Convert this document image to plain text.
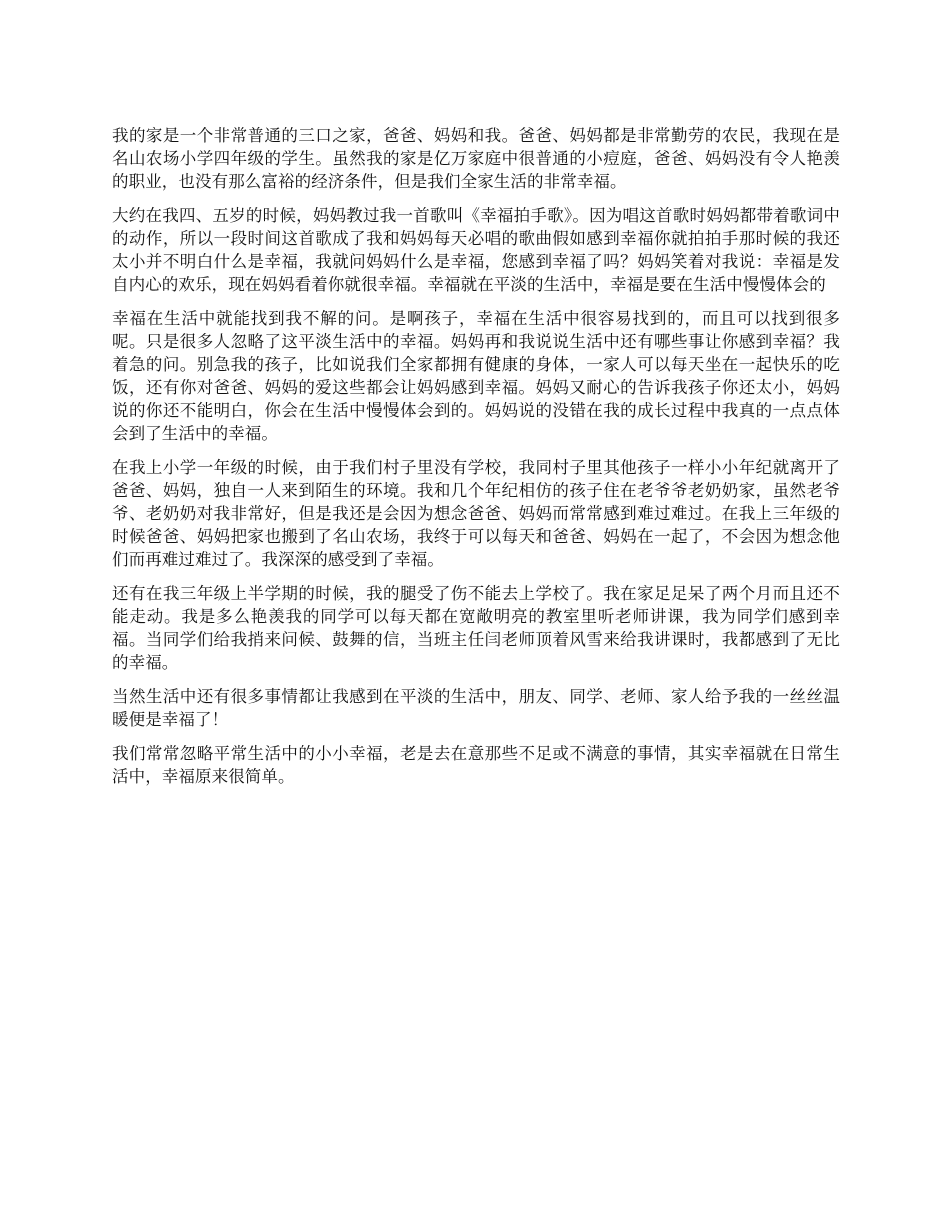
我的家是一个非常普通的三口之家，爸爸、妈妈和我。爸爸、妈妈都是非常勤劳的农民，我现在是名山农场小学四年级的学生。虽然我的家是亿万家庭中很普通的小痘庭，爸爸、妈妈没有令人艳羡的职业，也没有那么富裕的经济条件，但是我们全家生活的非常幸福。

大约在我四、五岁的时候，妈妈教过我一首歌叫《幸福拍手歌》。因为唱这首歌时妈妈都带着歌词中的动作，所以一段时间这首歌成了我和妈妈每天必唱的歌曲假如感到幸福你就拍拍手那时候的我还太小并不明白什么是幸福，我就问妈妈什么是幸福，您感到幸福了吗？妈妈笑着对我说：幸福是发自内心的欢乐，现在妈妈看着你就很幸福。幸福就在平淡的生活中，幸福是要在生活中慢慢体会的

幸福在生活中就能找到我不解的问。是啊孩子，幸福在生活中很容易找到的，而且可以找到很多呢。只是很多人忽略了这平淡生活中的幸福。妈妈再和我说说生活中还有哪些事让你感到幸福？我着急的问。别急我的孩子，比如说我们全家都拥有健康的身体，一家人可以每天坐在一起快乐的吃饭，还有你对爸爸、妈妈的爱这些都会让妈妈感到幸福。妈妈又耐心的告诉我孩子你还太小，妈妈说的你还不能明白，你会在生活中慢慢体会到的。妈妈说的没错在我的成长过程中我真的一点点体会到了生活中的幸福。

在我上小学一年级的时候，由于我们村子里没有学校，我同村子里其他孩子一样小小年纪就离开了爸爸、妈妈，独自一人来到陌生的环境。我和几个年纪相仿的孩子住在老爷爷老奶奶家，虽然老爷爷、老奶奶对我非常好，但是我还是会因为想念爸爸、妈妈而常常感到难过难过。在我上三年级的时候爸爸、妈妈把家也搬到了名山农场，我终于可以每天和爸爸、妈妈在一起了，不会因为想念他们而再难过难过了。我深深的感受到了幸福。

还有在我三年级上半学期的时候，我的腿受了伤不能去上学校了。我在家足足呆了两个月而且还不能走动。我是多么艳羡我的同学可以每天都在宽敞明亮的教室里听老师讲课，我为同学们感到幸福。当同学们给我捎来问候、鼓舞的信，当班主任闫老师顶着风雪来给我讲课时，我都感到了无比的幸福。

当然生活中还有很多事情都让我感到在平淡的生活中，朋友、同学、老师、家人给予我的一丝丝温暖便是幸福了！

我们常常忽略平常生活中的小小幸福，老是去在意那些不足或不满意的事情，其实幸福就在日常生活中，幸福原来很简单。
